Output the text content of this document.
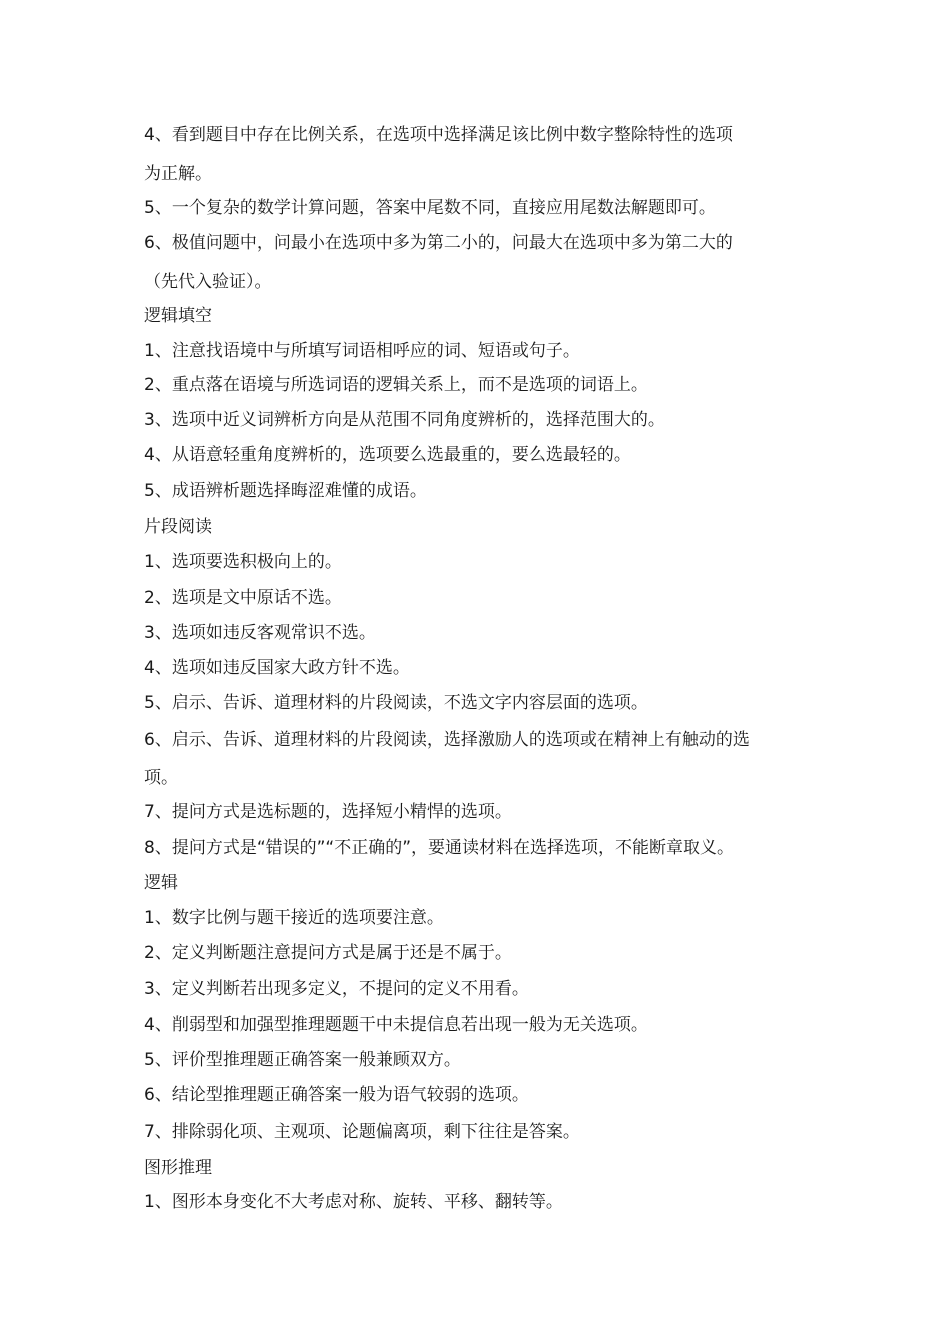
4、看到题目中存在比例关系，在选项中选择满足该比例中数字整除特性的选项
为正解。
5、一个复杂的数学计算问题，答案中尾数不同，直接应用尾数法解题即可。
6、极值问题中，问最小在选项中多为第二小的，问最大在选项中多为第二大的
（先代入验证）。
逻辑填空
1、注意找语境中与所填写词语相呼应的词、短语或句子。
2、重点落在语境与所选词语的逻辑关系上，而不是选项的词语上。
3、选项中近义词辨析方向是从范围不同角度辨析的，选择范围大的。
4、从语意轻重角度辨析的，选项要么选最重的，要么选最轻的。
5、成语辨析题选择晦涩难懂的成语。
片段阅读
1、选项要选积极向上的。
2、选项是文中原话不选。
3、选项如违反客观常识不选。
4、选项如违反国家大政方针不选。
5、启示、告诉、道理材料的片段阅读，不选文字内容层面的选项。
6、启示、告诉、道理材料的片段阅读，选择激励人的选项或在精神上有触动的选
项。
7、提问方式是选标题的，选择短小精悍的选项。
8、提问方式是“错误的”“不正确的”，要通读材料在选择选项，不能断章取义。
逻辑
1、数字比例与题干接近的选项要注意。
2、定义判断题注意提问方式是属于还是不属于。
3、定义判断若出现多定义，不提问的定义不用看。
4、削弱型和加强型推理题题干中未提信息若出现一般为无关选项。
5、评价型推理题正确答案一般兼顾双方。
6、结论型推理题正确答案一般为语气较弱的选项。
7、排除弱化项、主观项、论题偏离项，剩下往往是答案。
图形推理
1、图形本身变化不大考虑对称、旋转、平移、翻转等。
